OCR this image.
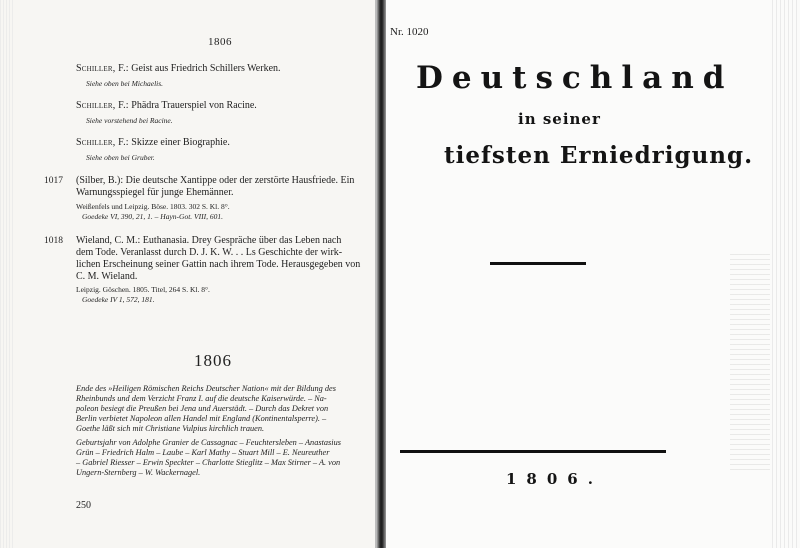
1806
Schiller, F.: Geist aus Friedrich Schillers Werken.
Siehe oben bei Michaelis.
Schiller, F.: Phädra Trauerspiel von Racine.
Siehe vorstehend bei Racine.
Schiller, F.: Skizze einer Biographie.
Siehe oben bei Gruber.
1017 (Silber, B.): Die deutsche Xantippe oder der zerstörte Hausfriede. Ein
Warnungsspiegel für junge Ehemänner.
Weißenfels und Leipzig. Böse. 1803. 302 S. Kl. 8°.
Goedeke VI, 390, 21, 1. – Hayn-Got. VIII, 601.
1018 Wieland, C. M.: Euthanasia. Drey Gespräche über das Leben nach
dem Tode. Veranlasst durch D. J. K. W. . . Ls Geschichte der wirk-
lichen Erscheinung seiner Gattin nach ihrem Tode. Herausgegeben von
C. M. Wieland.
Leipzig. Göschen. 1805. Titel, 264 S. Kl. 8°.
Goedeke IV 1, 572, 181.
1806
Ende des »Heiligen Römischen Reichs Deutscher Nation« mit der Bildung des
Rheinbunds und dem Verzicht Franz I. auf die deutsche Kaiserwürde. – Na-
poleon besiegt die Preußen bei Jena und Auerstädt. – Durch das Dekret von
Berlin verbietet Napoleon allen Handel mit England (Kontinentalsperre). –
Goethe läßt sich mit Christiane Vulpius kirchlich trauen.
Geburtsjahr von Adolphe Granier de Cassagnac – Feuchtersleben – Anastasius
Grün – Friedrich Halm – Laube – Karl Mathy – Stuart Mill – E. Neureuther
– Gabriel Riesser – Erwin Speckter – Charlotte Stieglitz – Max Stirner – A. von
Ungern-Sternberg – W. Wackernagel.
250
Nr. 1020
Deutschland
in seiner
tiefsten Erniedrigung.
1806.
